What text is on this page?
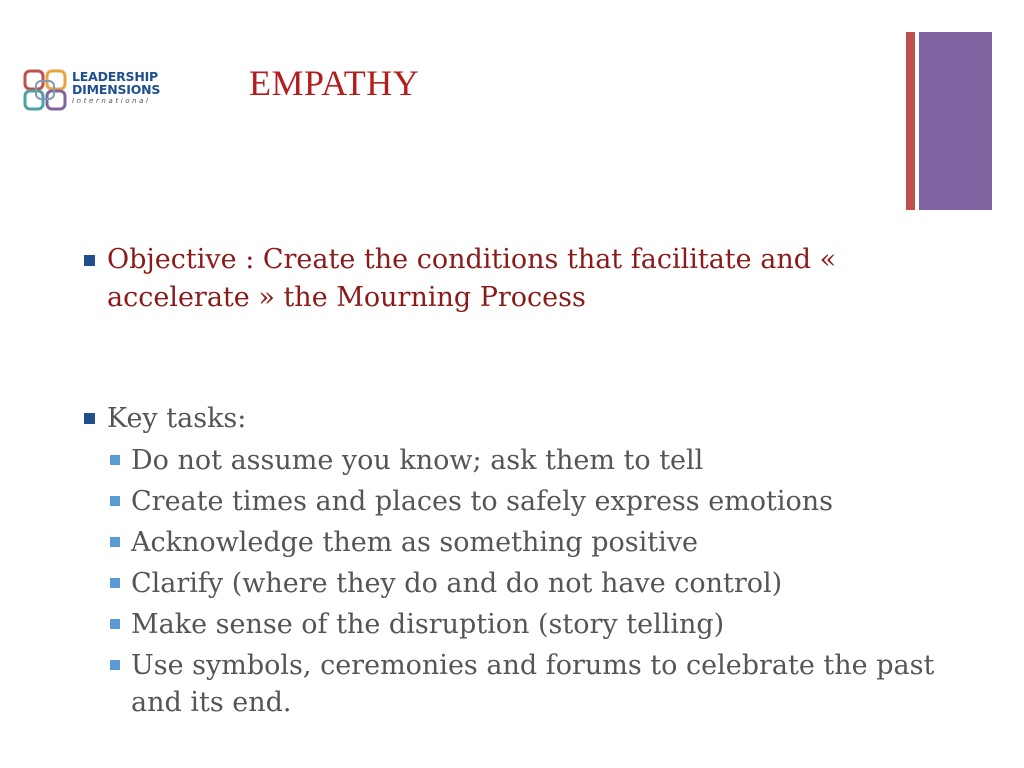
LEADERSHIP
DIMENSIONS
International	EMPATHY
Objective : Create the conditions that facilitate and « accelerate » the Mourning Process
Key tasks:
Do not assume you know; ask them to tell
Create times and places to safely express emotions
Acknowledge them as something positive
Clarify (where they do and do not have control)
Make sense of the disruption (story telling)
Use symbols, ceremonies and forums to celebrate the past and its end.
